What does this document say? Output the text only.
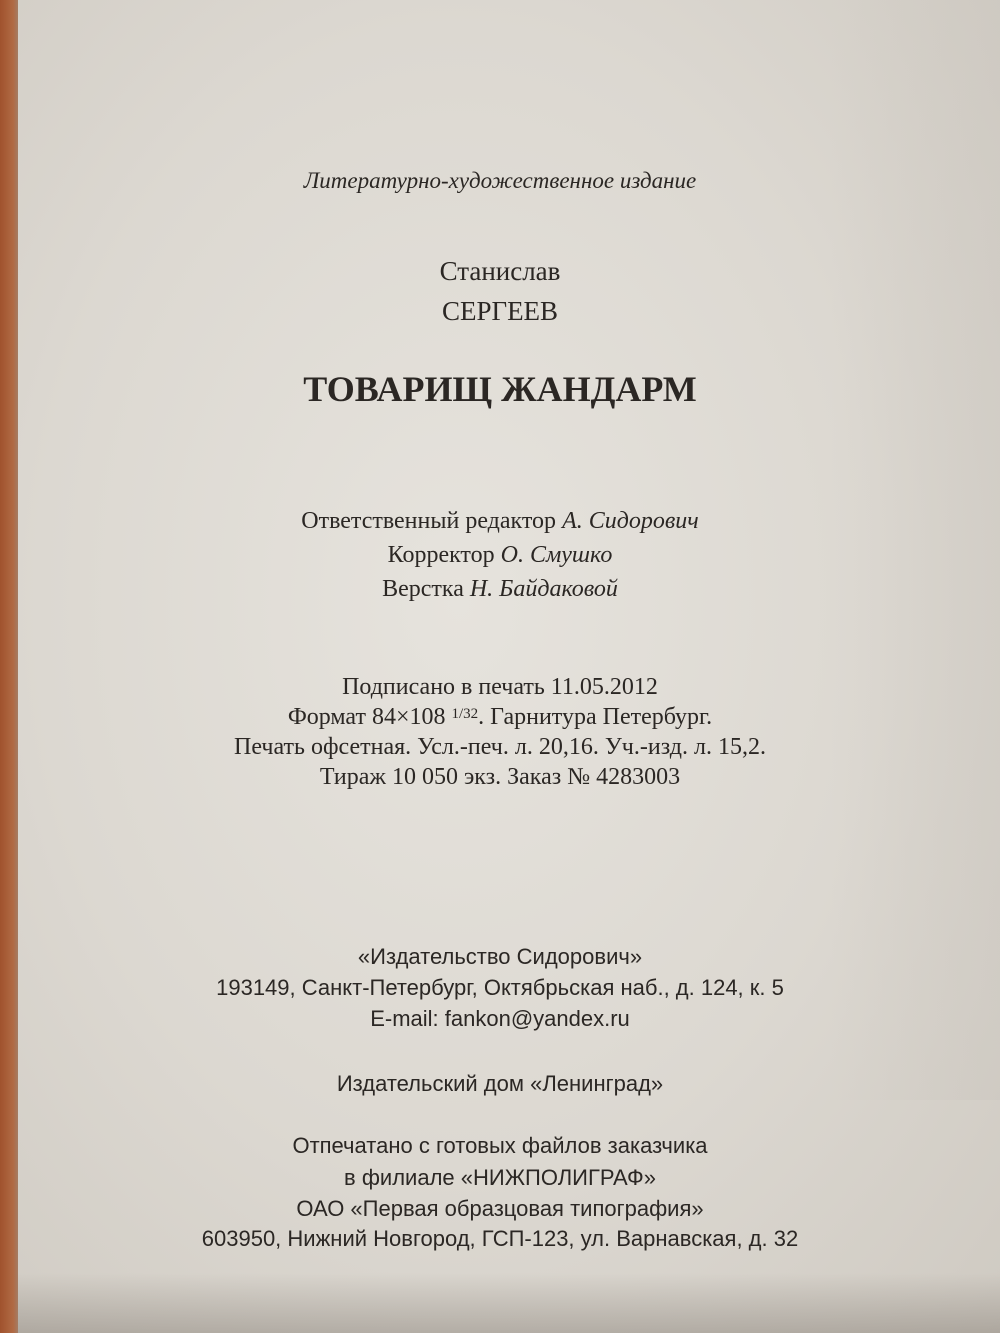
Литературно-художественное издание
Станислав
СЕРГЕЕВ
ТОВАРИЩ ЖАНДАРМ
Ответственный редактор А. Сидорович
Корректор О. Смушко
Верстка Н. Байдаковой
Подписано в печать 11.05.2012
Формат 84×108 $^{1/32}$. Гарнитура Петербург.
Печать офсетная. Усл.-печ. л. 20,16. Уч.-изд. л. 15,2.
Тираж 10 050 экз. Заказ № 4283003
«Издательство Сидорович»
193149, Санкт-Петербург, Октябрьская наб., д. 124, к. 5
E-mail: fankon@yandex.ru
Издательский дом «Ленинград»
Отпечатано с готовых файлов заказчика
в филиале «НИЖПОЛИГРАФ»
ОАО «Первая образцовая типография»
603950, Нижний Новгород, ГСП-123, ул. Варнавская, д. 32
